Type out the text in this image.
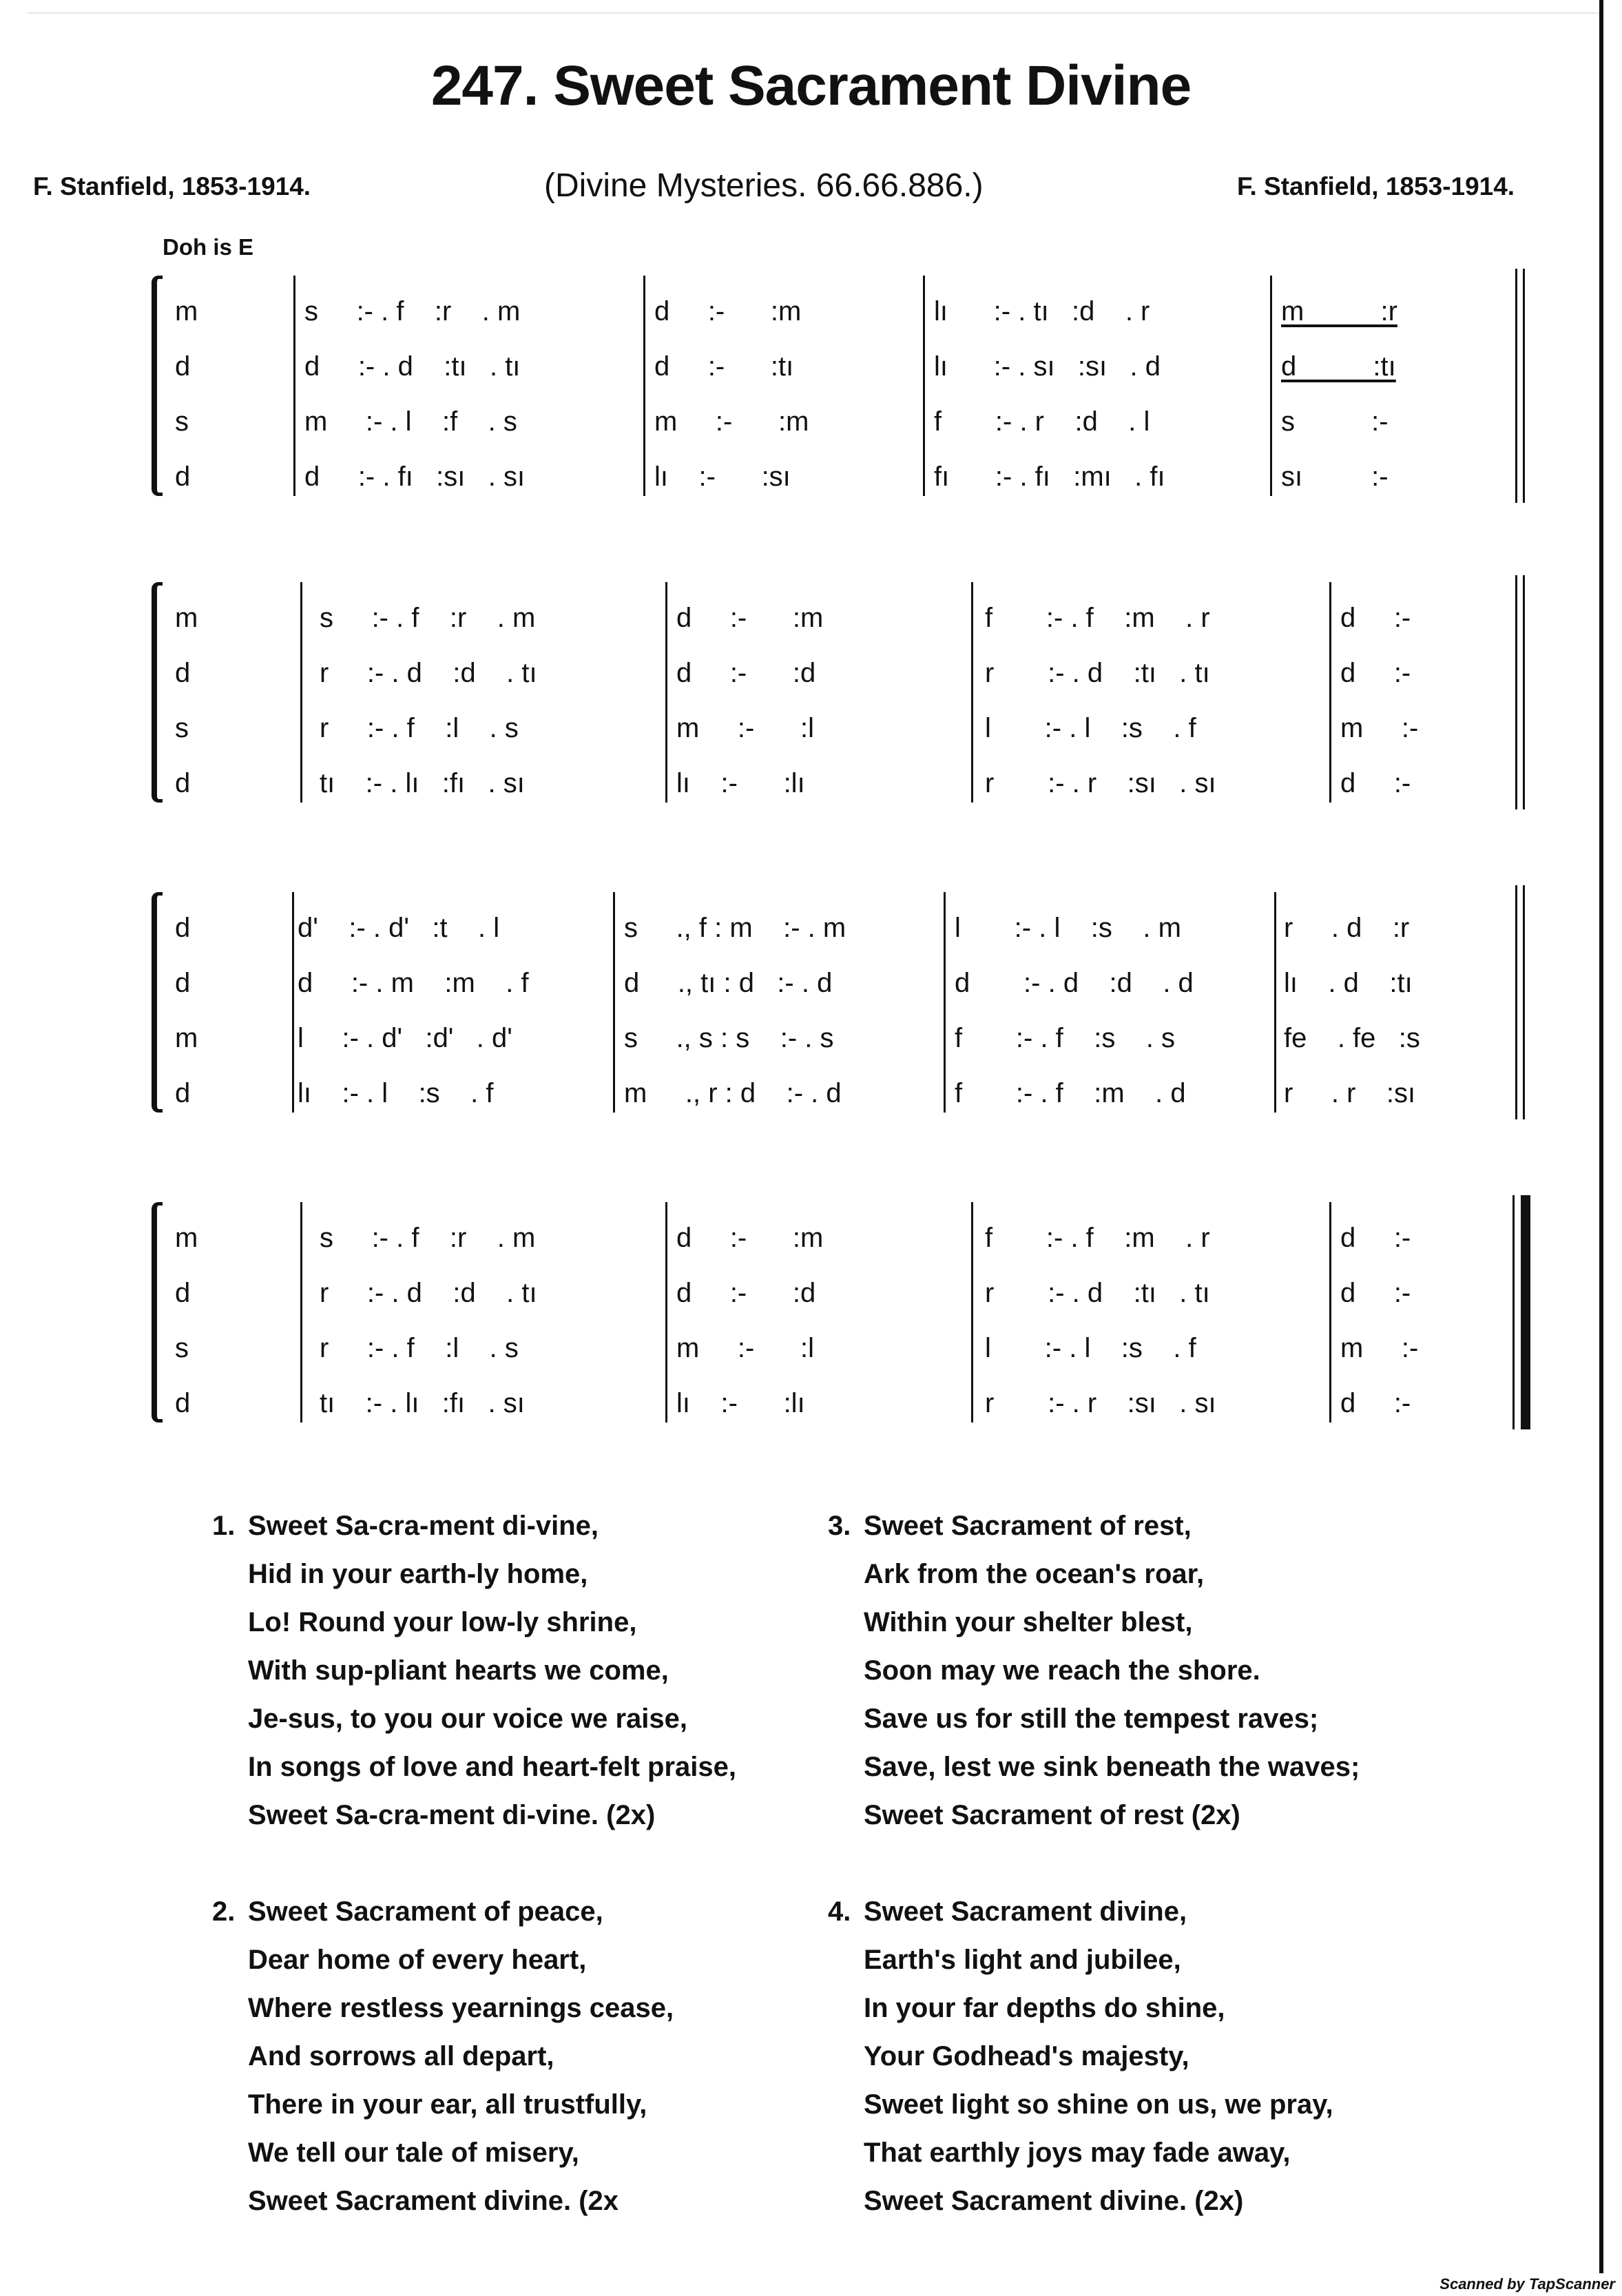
247. Sweet Sacrament Divine
F. Stanfield, 1853-1914.	(Divine Mysteries. 66.66.886.)	F. Stanfield, 1853-1914.
Doh is E
m	s     :- . f    :r    . m	d     :-      :m	lı      :- . tı   :d    . r	m          :r
d	d     :- . d    :tı   . tı	d     :-      :tı	lı      :- . sı   :sı   . d	d          :tı
s	m     :- . l    :f    . s	m     :-      :m	f       :- . r    :d    . l	s          :-
d	d     :- . fı   :sı   . sı	lı    :-      :sı	fı      :- . fı   :mı   . fı	sı         :-
m	s     :- . f    :r    . m	d     :-      :m	f       :- . f    :m    . r	d     :-
d	r     :- . d    :d    . tı	d     :-      :d	r       :- . d    :tı   . tı	d     :-
s	r     :- . f    :l    . s	m     :-      :l	l       :- . l    :s    . f	m     :-
d	tı    :- . lı   :fı   . sı	lı    :-      :lı	r       :- . r    :sı   . sı	d     :-
d	d'    :- . d'   :t    . l	s     ., f : m    :- . m	l       :- . l    :s    . m	r     . d    :r
d	d     :- . m    :m    . f	d     ., tı : d   :- . d	d       :- . d    :d    . d	lı    . d    :tı
m	l     :- . d'   :d'   . d'	s     ., s : s    :- . s	f       :- . f    :s    . s	fe    . fe   :s
d	lı    :- . l    :s    . f	m     ., r : d    :- . d	f       :- . f    :m    . d	r     . r    :sı
m	s     :- . f    :r    . m	d     :-      :m	f       :- . f    :m    . r	d     :-
d	r     :- . d    :d    . tı	d     :-      :d	r       :- . d    :tı   . tı	d     :-
s	r     :- . f    :l    . s	m     :-      :l	l       :- . l    :s    . f	m     :-
d	tı    :- . lı   :fı   . sı	lı    :-      :lı	r       :- . r    :sı   . sı	d     :-
1. Sweet Sa-cra-ment di-vine,
Hid in your earth-ly home,
Lo! Round your low-ly shrine,
With sup-pliant hearts we come,
Je-sus, to you our voice we raise,
In songs of love and heart-felt praise,
Sweet Sa-cra-ment di-vine. (2x)
2. Sweet Sacrament of peace,
Dear home of every heart,
Where restless yearnings cease,
And sorrows all depart,
There in your ear, all trustfully,
We tell our tale of misery,
Sweet Sacrament divine. (2x
3. Sweet Sacrament of rest,
Ark from the ocean's roar,
Within your shelter blest,
Soon may we reach the shore.
Save us for still the tempest raves;
Save, lest we sink beneath the waves;
Sweet Sacrament of rest (2x)
4. Sweet Sacrament divine,
Earth's light and jubilee,
In your far depths do shine,
Your Godhead's majesty,
Sweet light so shine on us, we pray,
That earthly joys may fade away,
Sweet Sacrament divine. (2x)
Scanned by TapScanner
